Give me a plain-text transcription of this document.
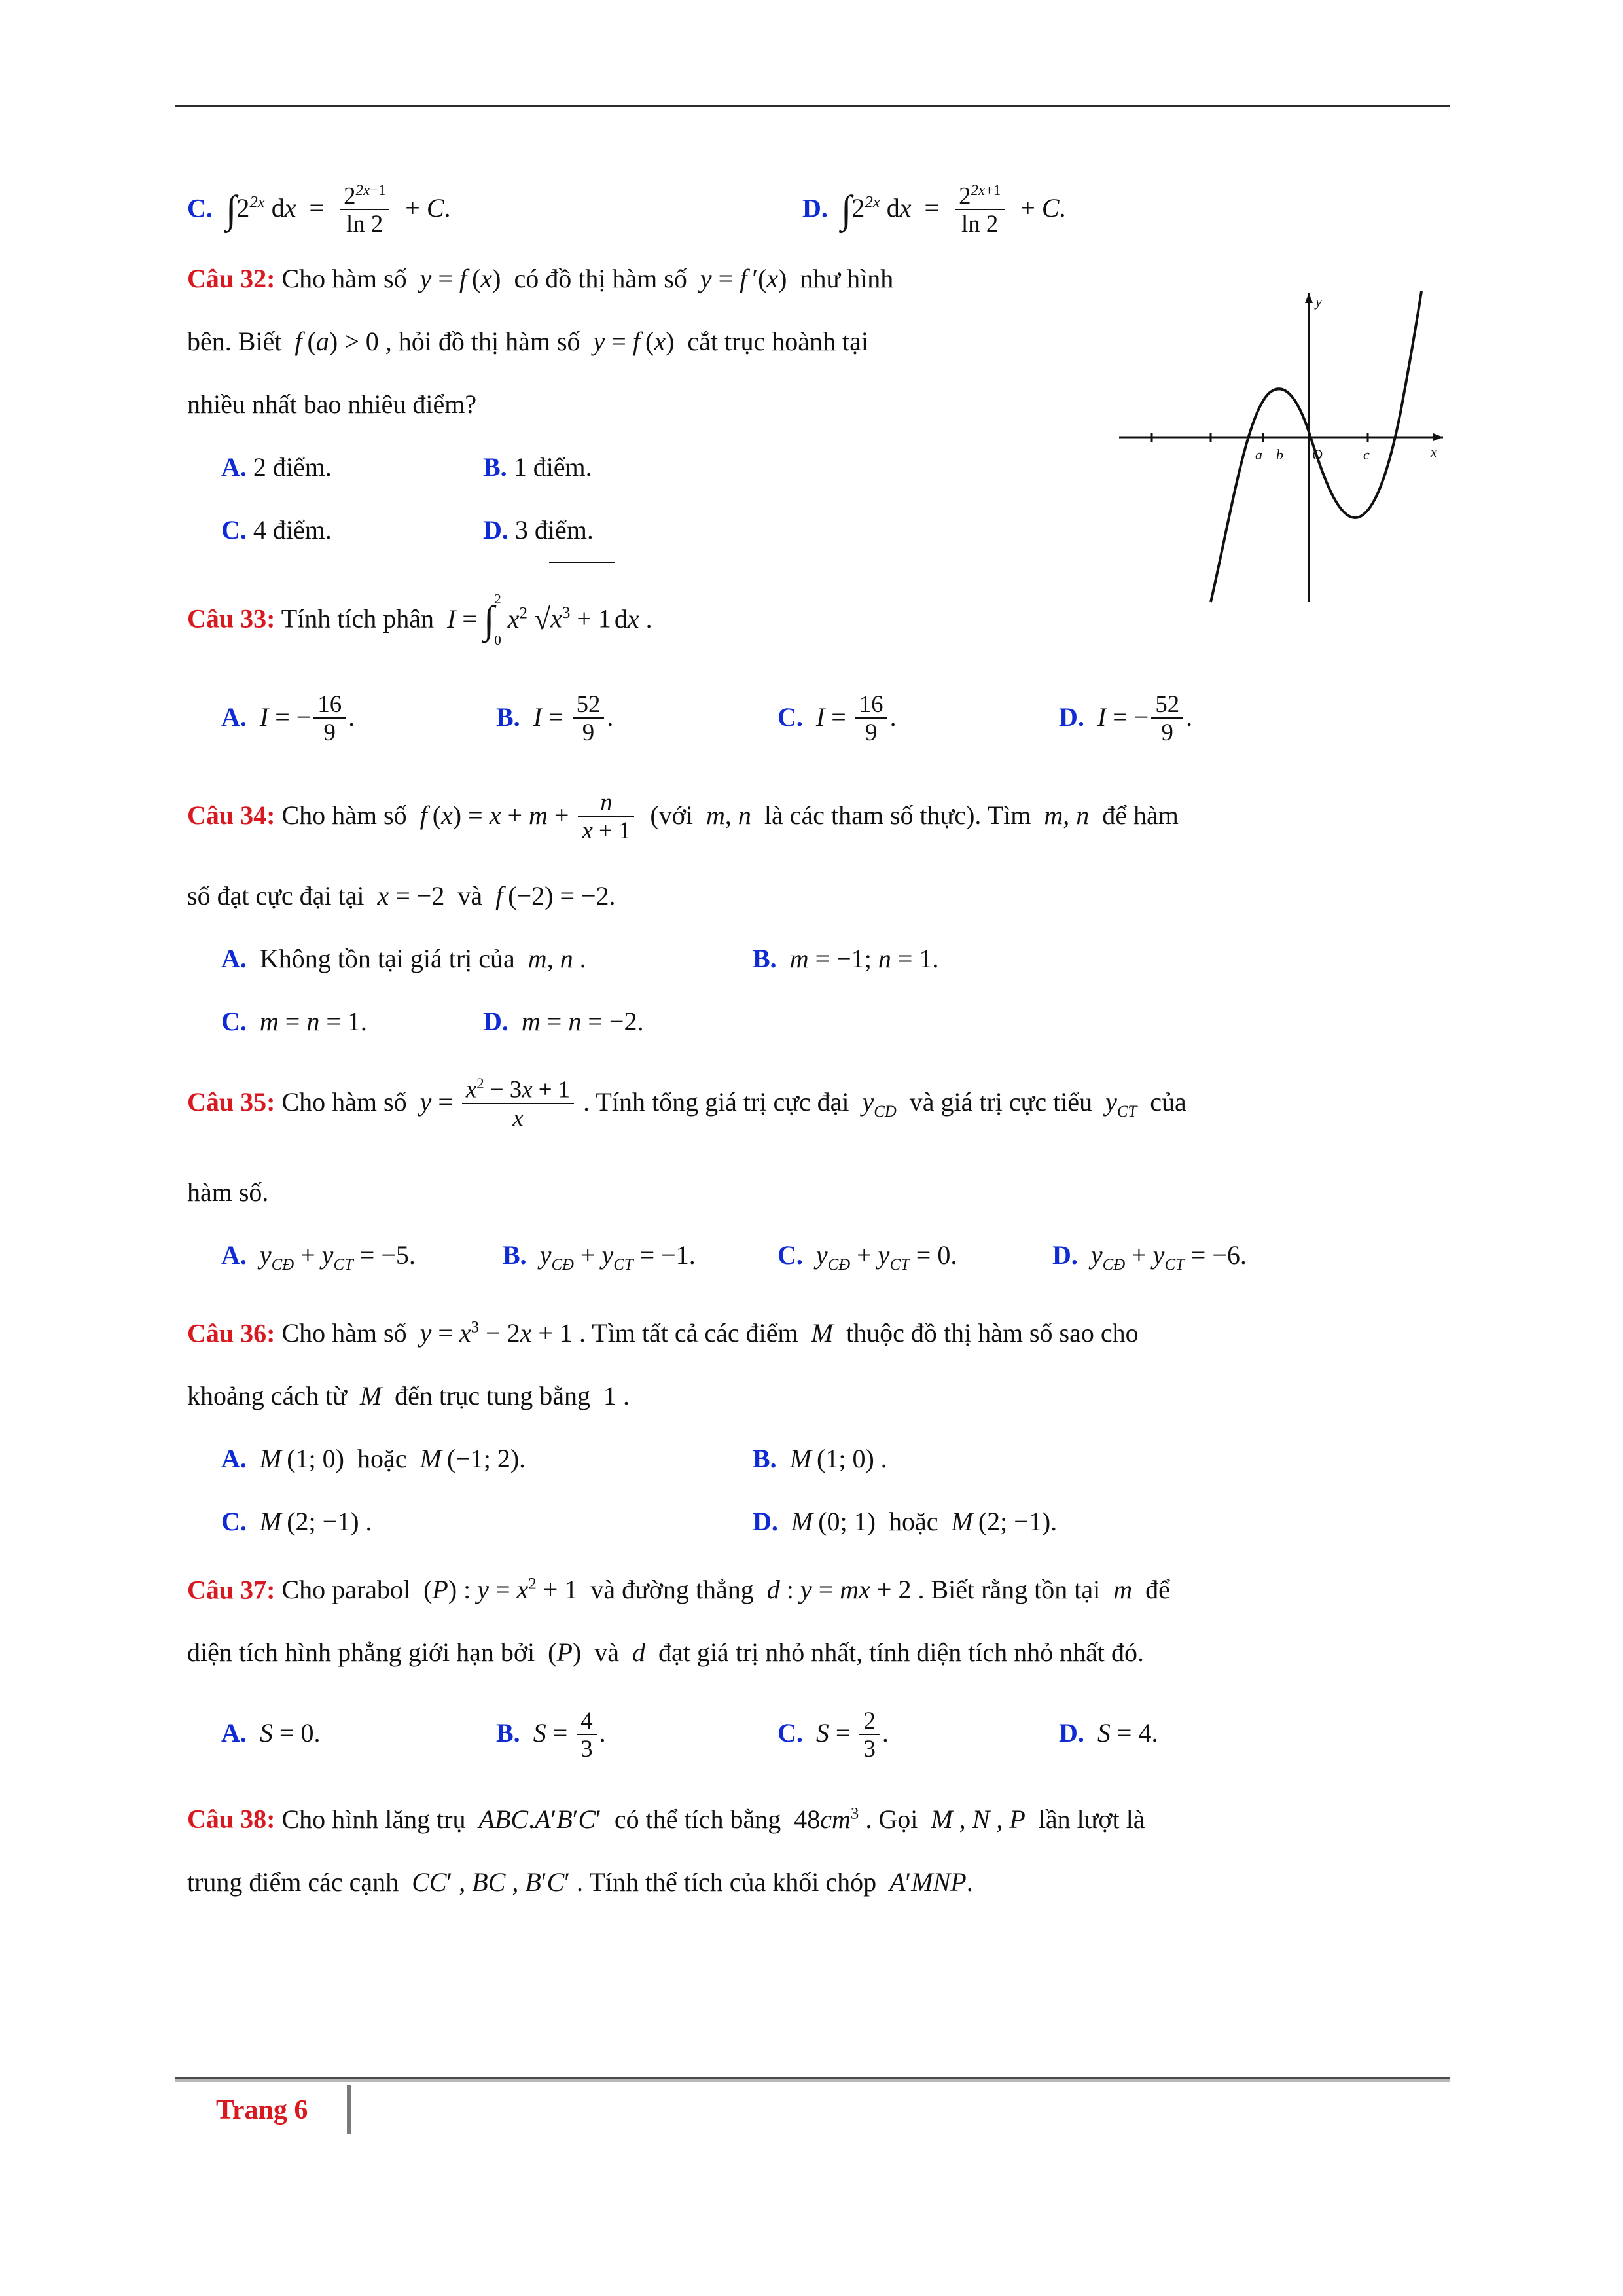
C. $\int 2^{2x}$ dx  = $\frac{2^{2x-1}}{\ln 2} + C$.	D. $\int 2^{2x}$ dx  = $\frac{2^{2x+1}}{\ln 2} + C$.
Câu 32: Cho hàm số  y = f (x)  có đồ thị hàm số  y = f ′(x)  như hình
bên. Biết  f (a) > 0 , hỏi đồ thị hàm số  y = f (x)  cắt trục hoành tại
nhiều nhất bao nhiêu điểm?
A. 2 điểm.	B. 1 điểm.
C. 4 điểm.	D. 3 điểm.
Câu 33: Tính tích phân I = ∫ 2
0
$x^2$ $√x^3 + 1$ dx .
A. I = − $\frac{16}{9}$ .	B. $I = \frac{52}{9}$ .	C. $I = \frac{16}{9}$ .	D. I = − $\frac{52}{9}$ .
Câu 34: Cho hàm số  f $(x) = x + m + \frac{n}{x + 1}$ (với  m, n  là các tham số thực). Tìm  m, n  để hàm
số đạt cực đại tại  x = −2  và  f (−2) = −2.
A.  Không tồn tại giá trị của  m, n .	B. m = −1; n = 1.
C. m = n = 1.	D. m = n = −2.
Câu 35: Cho hàm số  $y = \frac{x^2 - 3x + 1}{x}$ . Tính tổng giá trị cực đại  $y_{CĐ}$  và giá trị cực tiểu  $y_{CT}$  của
hàm số.
A. $y_{CĐ} + y_{CT} = -5$.	B. $y_{CĐ} + y_{CT} = -1$.	C. $y_{CĐ} + y_{CT} = 0$.	D. $y_{CĐ} + y_{CT} = -6$.
Câu 36: Cho hàm số  $y = x^3 - 2x + 1$ . Tìm tất cả các điểm  M  thuộc đồ thị hàm số sao cho
khoảng cách từ  M  đến trục tung bằng  1 .
A. M (1; 0)  hoặc  M (−1; 2).	B. M (1; 0) .
C. M (2; −1) .	D. M (0; 1)  hoặc  M (2; −1).
Câu 37: Cho parabol  (P) : $y = x^2 + 1$  và đường thẳng  d : y = mx + 2 . Biết rằng tồn tại  m  để
diện tích hình phẳng giới hạn bởi  (P)  và  d  đạt giá trị nhỏ nhất, tính diện tích nhỏ nhất đó.
A. S = 0.	B. $S = \frac{4}{3}$ .	C. $S = \frac{2}{3}$ .	D. S = 4.
Câu 38: Cho hình lăng trụ  ABC.A′B′C′  có thể tích bằng  $48cm^3$ . Gọi  M , N , P  lần lượt là
trung điểm các cạnh  CC′ , BC , B′C′ . Tính thể tích của khối chóp  A′MNP.
a b O	c	x
y
Trang 6
